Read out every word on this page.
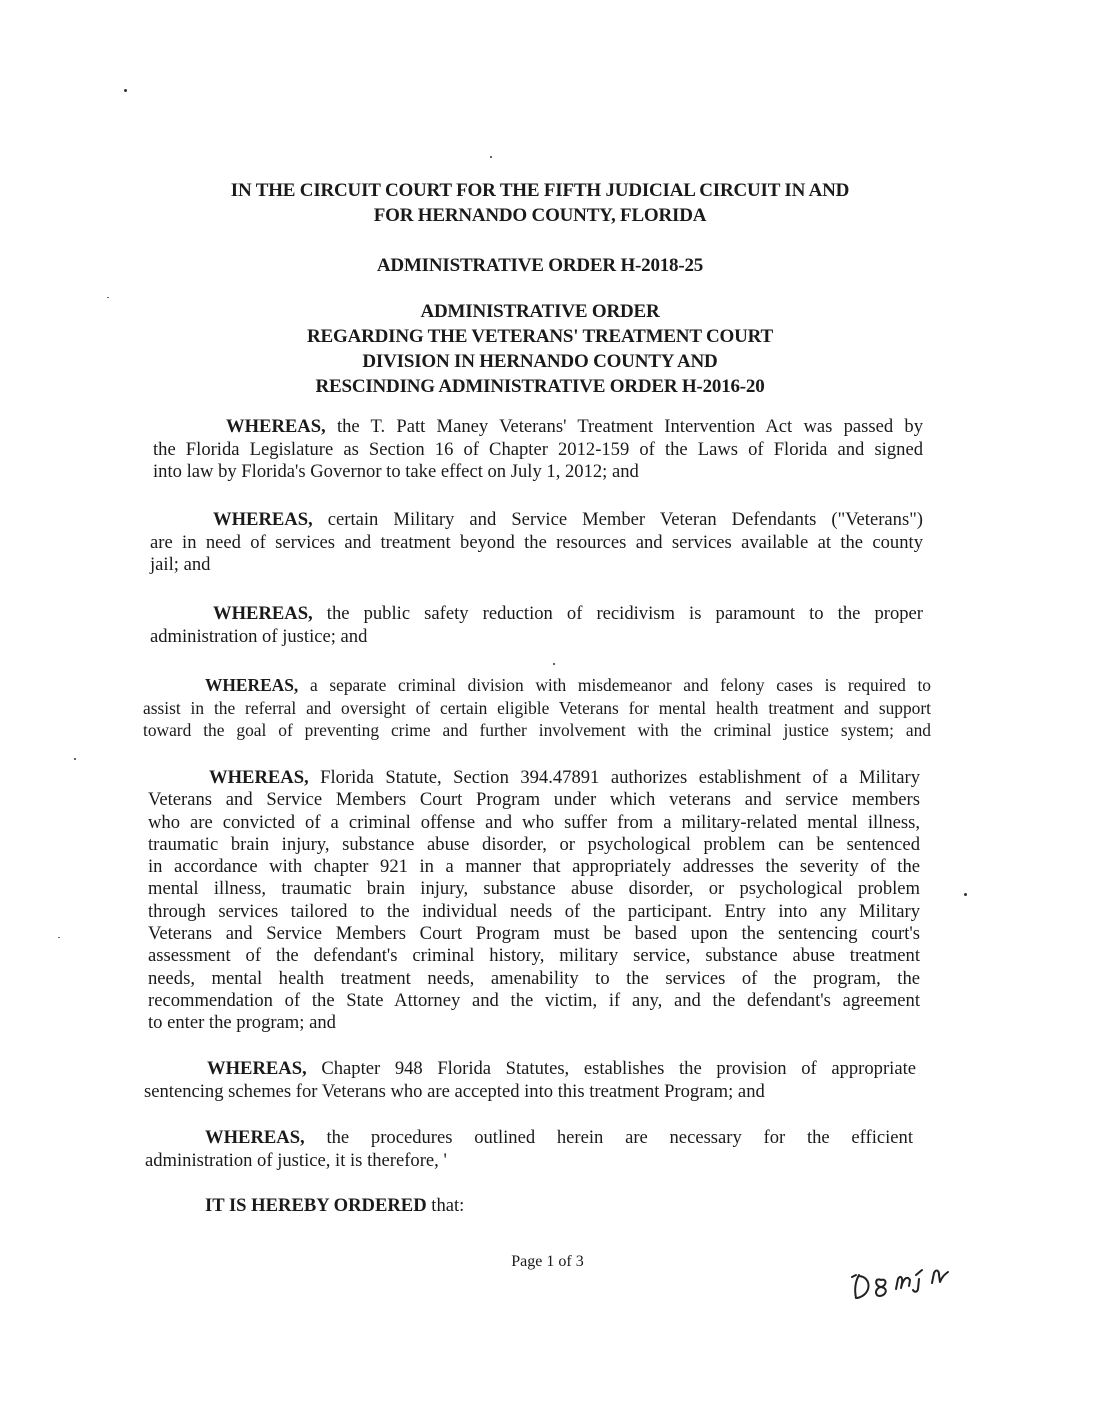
IN THE CIRCUIT COURT FOR THE FIFTH JUDICIAL CIRCUIT IN AND
FOR HERNANDO COUNTY, FLORIDA
ADMINISTRATIVE ORDER H-2018-25
ADMINISTRATIVE ORDER
REGARDING THE VETERANS' TREATMENT COURT
DIVISION IN HERNANDO COUNTY AND
RESCINDING ADMINISTRATIVE ORDER H-2016-20
WHEREAS, the T. Patt Maney Veterans' Treatment Intervention Act was passed by
the Florida Legislature as Section 16 of Chapter 2012-159 of the Laws of Florida and signed
into law by Florida's Governor to take effect on July 1, 2012; and
WHEREAS, certain Military and Service Member Veteran Defendants ("Veterans")
are in need of services and treatment beyond the resources and services available at the county
jail; and
WHEREAS, the public safety reduction of recidivism is paramount to the proper
administration of justice; and
WHEREAS, a separate criminal division with misdemeanor and felony cases is required to
assist in the referral and oversight of certain eligible Veterans for mental health treatment and support
toward the goal of preventing crime and further involvement with the criminal justice system; and
WHEREAS, Florida Statute, Section 394.47891 authorizes establishment of a Military
Veterans and Service Members Court Program under which veterans and service members
who are convicted of a criminal offense and who suffer from a military-related mental illness,
traumatic brain injury, substance abuse disorder, or psychological problem can be sentenced
in accordance with chapter 921 in a manner that appropriately addresses the severity of the
mental illness, traumatic brain injury, substance abuse disorder, or psychological problem
through services tailored to the individual needs of the participant. Entry into any Military
Veterans and Service Members Court Program must be based upon the sentencing court's
assessment of the defendant's criminal history, military service, substance abuse treatment
needs, mental health treatment needs, amenability to the services of the program, the
recommendation of the State Attorney and the victim, if any, and the defendant's agreement
to enter the program; and
WHEREAS, Chapter 948 Florida Statutes, establishes the provision of appropriate
sentencing schemes for Veterans who are accepted into this treatment Program; and
WHEREAS, the procedures outlined herein are necessary for the efficient
administration of justice, it is therefore, '
IT IS HEREBY ORDERED that:
Page 1 of 3
